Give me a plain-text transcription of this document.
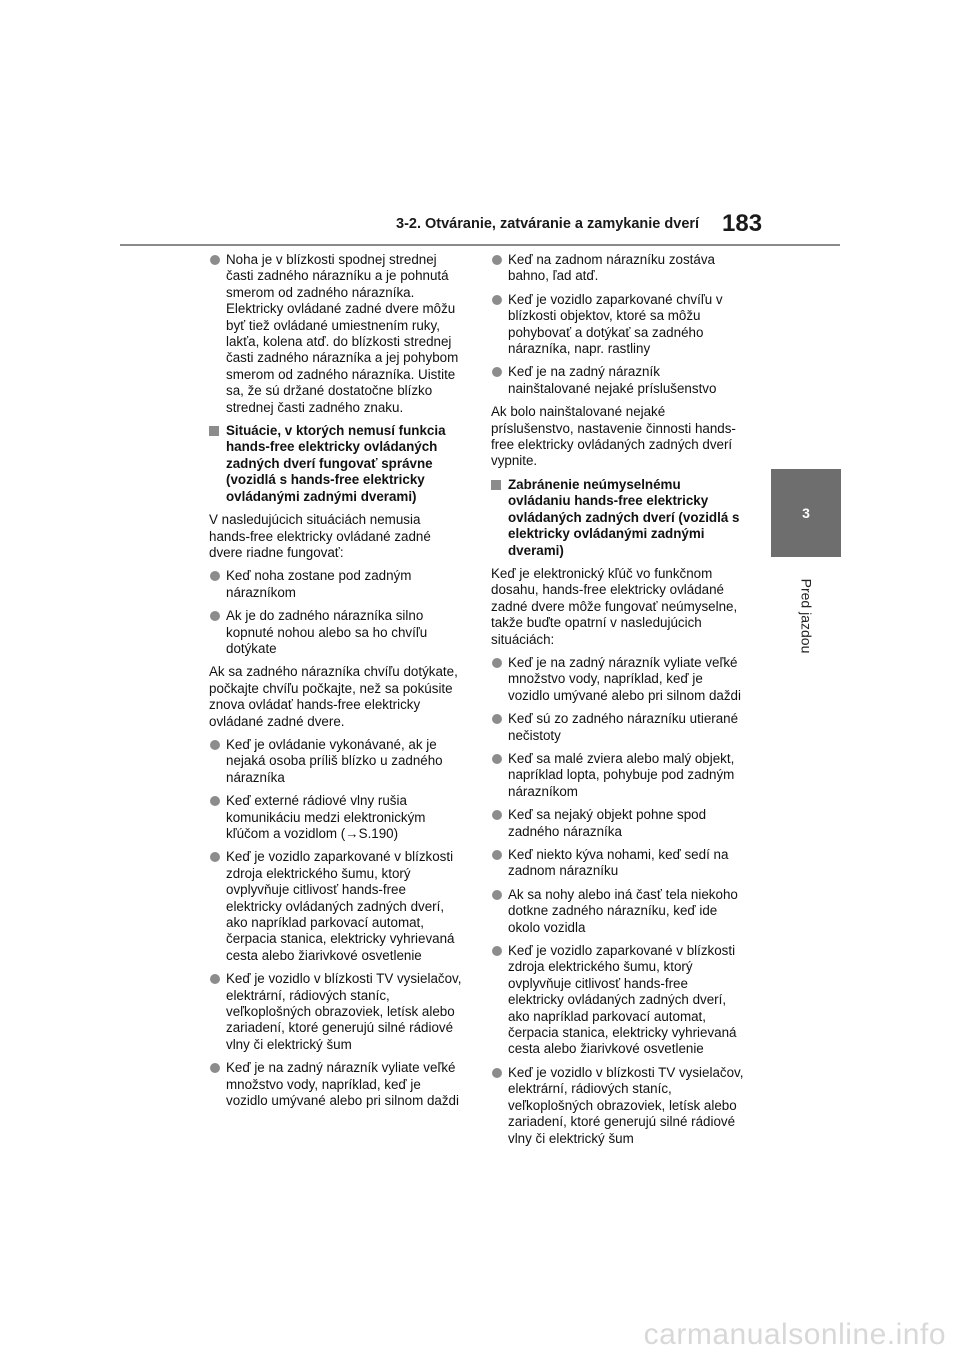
3-2. Otváranie, zatváranie a zamykanie dverí 183
3
Pred jazdou
Noha je v blízkosti spodnej strednej časti zadného nárazníku a je pohnutá smerom od zadného nárazníka. Elektricky ovládané zadné dvere môžu byť tiež ovládané umiestnením ruky, lakťa, kolena atď. do blízkosti strednej časti zadného nárazníka a jej pohybom smerom od zadného nárazníka. Uistite sa, že sú držané dostatočne blízko strednej časti zadného znaku.
Situácie, v ktorých nemusí funkcia hands-free elektricky ovládaných zadných dverí fungovať správne (vozidlá s hands-free elektricky ovládanými zadnými dverami)
V nasledujúcich situáciách nemusia hands-free elektricky ovládané zadné dvere riadne fungovať:
Keď noha zostane pod zadným nárazníkom
Ak je do zadného nárazníka silno kopnuté nohou alebo sa ho chvíľu dotýkate
Ak sa zadného nárazníka chvíľu dotýkate, počkajte chvíľu počkajte, než sa pokúsite znova ovládať hands-free elektricky ovládané zadné dvere.
Keď je ovládanie vykonávané, ak je nejaká osoba príliš blízko u zadného nárazníka
Keď externé rádiové vlny rušia komunikáciu medzi elektronickým kľúčom a vozidlom (→S.190)
Keď je vozidlo zaparkované v blízkosti zdroja elektrického šumu, ktorý ovplyvňuje citlivosť hands-free elektricky ovládaných zadných dverí, ako napríklad parkovací automat, čerpacia stanica, elektricky vyhrievaná cesta alebo žiarivkové osvetlenie
Keď je vozidlo v blízkosti TV vysielačov, elektrární, rádiových staníc, veľkoplošných obrazoviek, letísk alebo zariadení, ktoré generujú silné rádiové vlny či elektrický šum
Keď je na zadný nárazník vyliate veľké množstvo vody, napríklad, keď je vozidlo umývané alebo pri silnom daždi
Keď na zadnom nárazníku zostáva bahno, ľad atď.
Keď je vozidlo zaparkované chvíľu v blízkosti objektov, ktoré sa môžu pohybovať a dotýkať sa zadného nárazníka, napr. rastliny
Keď je na zadný nárazník nainštalované nejaké príslušenstvo
Ak bolo nainštalované nejaké príslušenstvo, nastavenie činnosti hands-free elektricky ovládaných zadných dverí vypnite.
Zabránenie neúmyselnému ovládaniu hands-free elektricky ovládaných zadných dverí (vozidlá s elektricky ovládanými zadnými dverami)
Keď je elektronický kľúč vo funkčnom dosahu, hands-free elektricky ovládané zadné dvere môže fungovať neúmyselne, takže buďte opatrní v nasledujúcich situáciách:
Keď je na zadný nárazník vyliate veľké množstvo vody, napríklad, keď je vozidlo umývané alebo pri silnom daždi
Keď sú zo zadného nárazníku utierané nečistoty
Keď sa malé zviera alebo malý objekt, napríklad lopta, pohybuje pod zadným nárazníkom
Keď sa nejaký objekt pohne spod zadného nárazníka
Keď niekto kýva nohami, keď sedí na zadnom nárazníku
Ak sa nohy alebo iná časť tela niekoho dotkne zadného nárazníku, keď ide okolo vozidla
Keď je vozidlo zaparkované v blízkosti zdroja elektrického šumu, ktorý ovplyvňuje citlivosť hands-free elektricky ovládaných zadných dverí, ako napríklad parkovací automat, čerpacia stanica, elektricky vyhrievaná cesta alebo žiarivkové osvetlenie
Keď je vozidlo v blízkosti TV vysielačov, elektrární, rádiových staníc, veľkoplošných obrazoviek, letísk alebo zariadení, ktoré generujú silné rádiové vlny či elektrický šum
carmanualsonline.info
